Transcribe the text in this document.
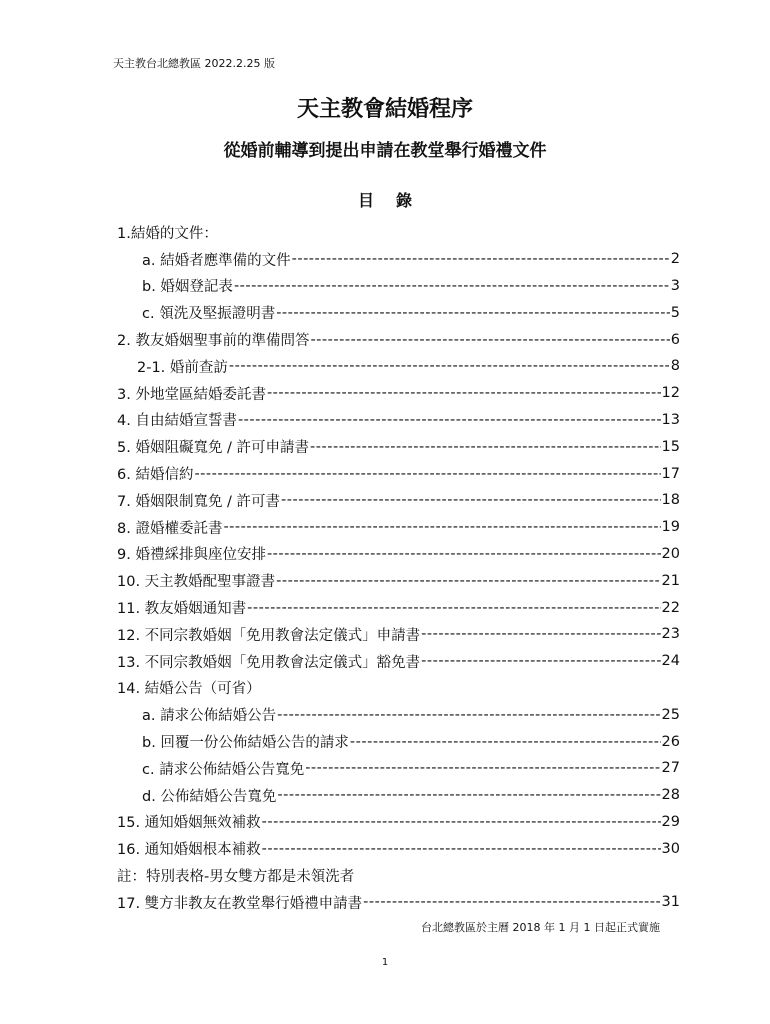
天主教台北總教區 2022.2.25 版
天主教會結婚程序
從婚前輔導到提出申請在教堂舉行婚禮文件
目錄
1.結婚的文件：
a. 結婚者應準備的文件 -----	2
b. 婚姻登記表 -----	3
c. 領洗及堅振證明書 -----	5
2. 教友婚姻聖事前的準備問答 -----	6
2-1. 婚前查訪 -----	8
3. 外地堂區結婚委託書 -----	12
4. 自由結婚宣誓書 -----	13
5. 婚姻阻礙寬免 / 許可申請書 -----	15
6. 結婚信約 -----	17
7. 婚姻限制寬免 / 許可書 -----	18
8. 證婚權委託書 -----	19
9. 婚禮綵排與座位安排 -----	20
10. 天主教婚配聖事證書 -----	21
11. 教友婚姻通知書 -----	22
12. 不同宗教婚姻「免用教會法定儀式」申請書 -----	23
13. 不同宗教婚姻「免用教會法定儀式」豁免書 -----	24
14. 結婚公告（可省）
a. 請求公佈結婚公告 -----	25
b. 回覆一份公佈結婚公告的請求 -----	26
c. 請求公佈結婚公告寬免 -----	27
d. 公佈結婚公告寬免 -----	28
15. 通知婚姻無效補救 -----	29
16. 通知婚姻根本補救 -----	30
註：特別表格-男女雙方都是未領洗者
17. 雙方非教友在教堂舉行婚禮申請書 -----	31
台北總教區於主曆 2018 年 1 月 1 日起正式實施
1
